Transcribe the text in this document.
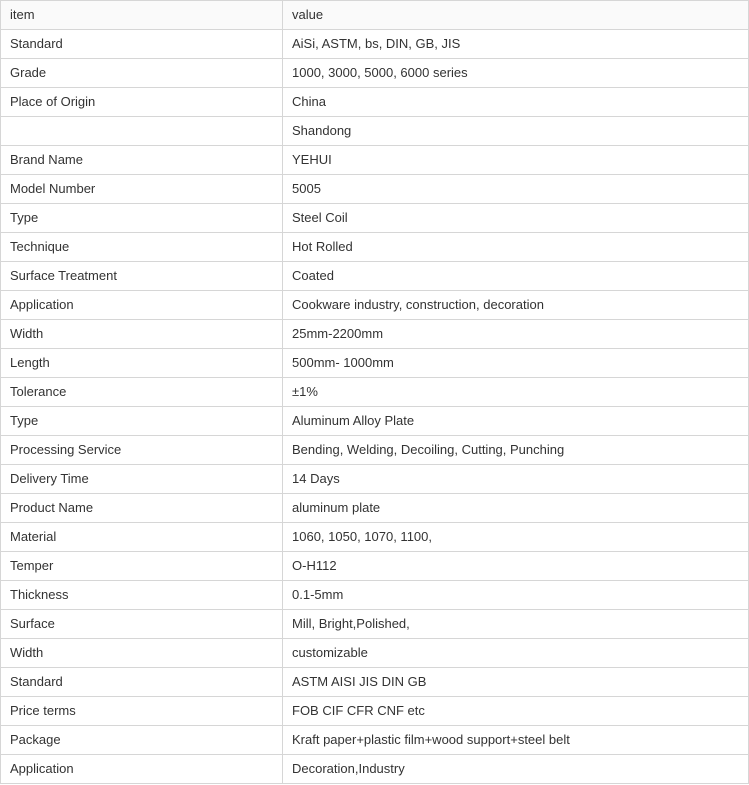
item	value
Standard	AiSi, ASTM, bs, DIN, GB, JIS
Grade	1000, 3000, 5000, 6000 series
Place of Origin	China
	Shandong
Brand Name	YEHUI
Model Number	5005
Type	Steel Coil
Technique	Hot Rolled
Surface Treatment	Coated
Application	Cookware industry, construction, decoration
Width	25mm-2200mm
Length	500mm- 1000mm
Tolerance	±1%
Type	Aluminum Alloy Plate
Processing Service	Bending, Welding, Decoiling, Cutting, Punching
Delivery Time	14 Days
Product Name	aluminum plate
Material	1060, 1050, 1070, 1100,
Temper	O-H112
Thickness	0.1-5mm
Surface	Mill, Bright,Polished,
Width	customizable
Standard	ASTM AISI JIS DIN GB
Price terms	FOB CIF CFR CNF etc
Package	Kraft paper+plastic film+wood support+steel belt
Application	Decoration,Industry
